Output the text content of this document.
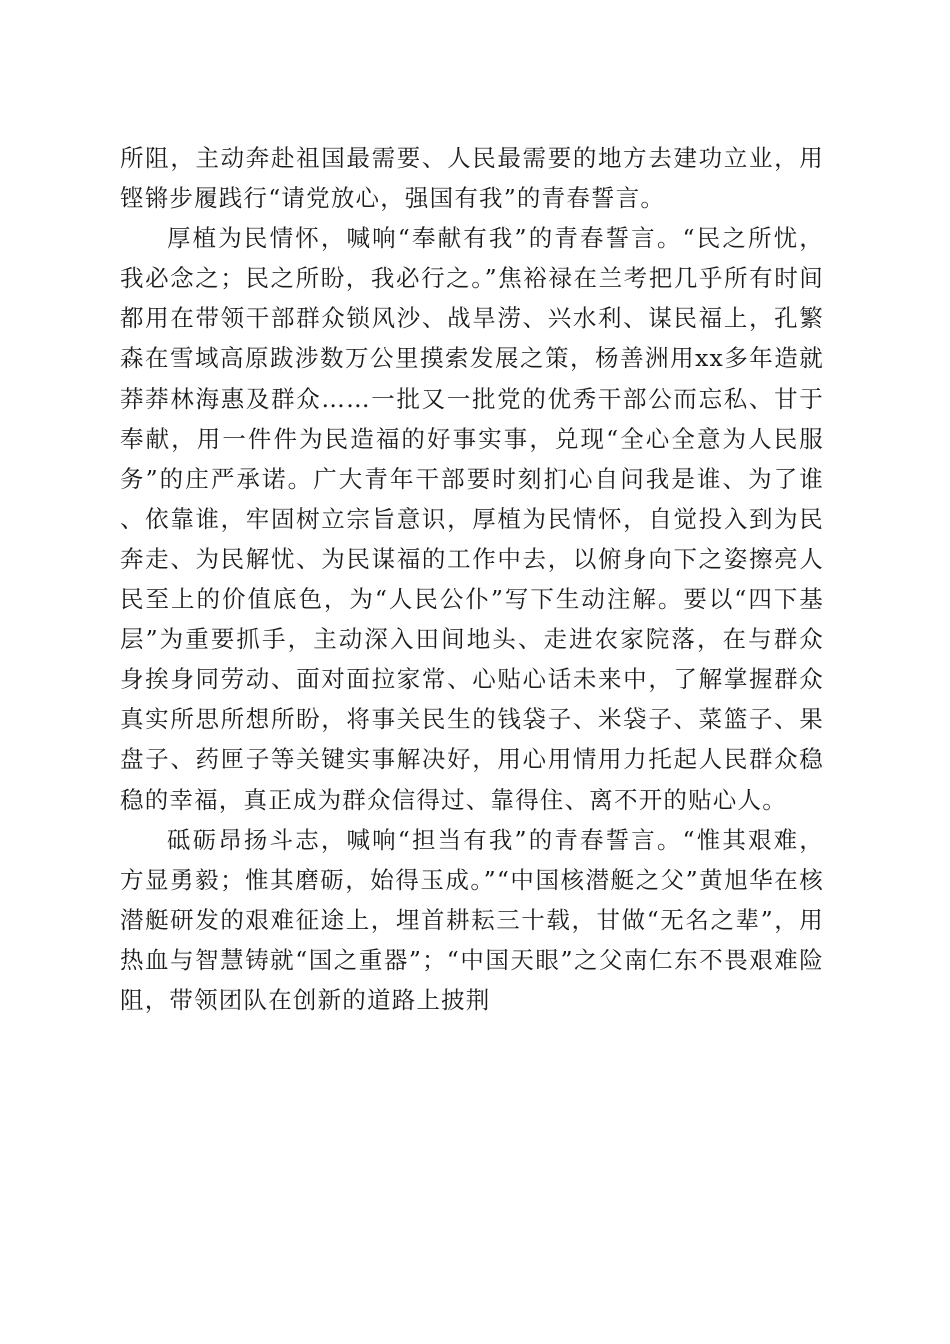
所阻，主动奔赴祖国最需要、人民最需要的地方去建功立业，用铿锵步履践行“请党放心，强国有我”的青春誓言。

厚植为民情怀，喊响“奉献有我”的青春誓言。“民之所忧，我必念之；民之所盼，我必行之。”焦裕禄在兰考把几乎所有时间都用在带领干部群众锁风沙、战旱涝、兴水利、谋民福上，孔繁森在雪域高原跋涉数万公里摸索发展之策，杨善洲用xx多年造就莽莽林海惠及群众……一批又一批党的优秀干部公而忘私、甘于奉献，用一件件为民造福的好事实事，兑现“全心全意为人民服务”的庄严承诺。广大青年干部要时刻扪心自问我是谁、为了谁、依靠谁，牢固树立宗旨意识，厚植为民情怀，自觉投入到为民奔走、为民解忧、为民谋福的工作中去，以俯身向下之姿擦亮人民至上的价值底色，为“人民公仆”写下生动注解。要以“四下基层”为重要抓手，主动深入田间地头、走进农家院落，在与群众身挨身同劳动、面对面拉家常、心贴心话未来中，了解掌握群众真实所思所想所盼，将事关民生的钱袋子、米袋子、菜篮子、果盘子、药匣子等关键实事解决好，用心用情用力托起人民群众稳稳的幸福，真正成为群众信得过、靠得住、离不开的贴心人。

砥砺昂扬斗志，喊响“担当有我”的青春誓言。“惟其艰难，方显勇毅；惟其磨砺，始得玉成。”“中国核潜艇之父”黄旭华在核潜艇研发的艰难征途上，埋首耕耘三十载，甘做“无名之辈”，用热血与智慧铸就“国之重器”；“中国天眼”之父南仁东不畏艰难险阻，带领团队在创新的道路上披荆
